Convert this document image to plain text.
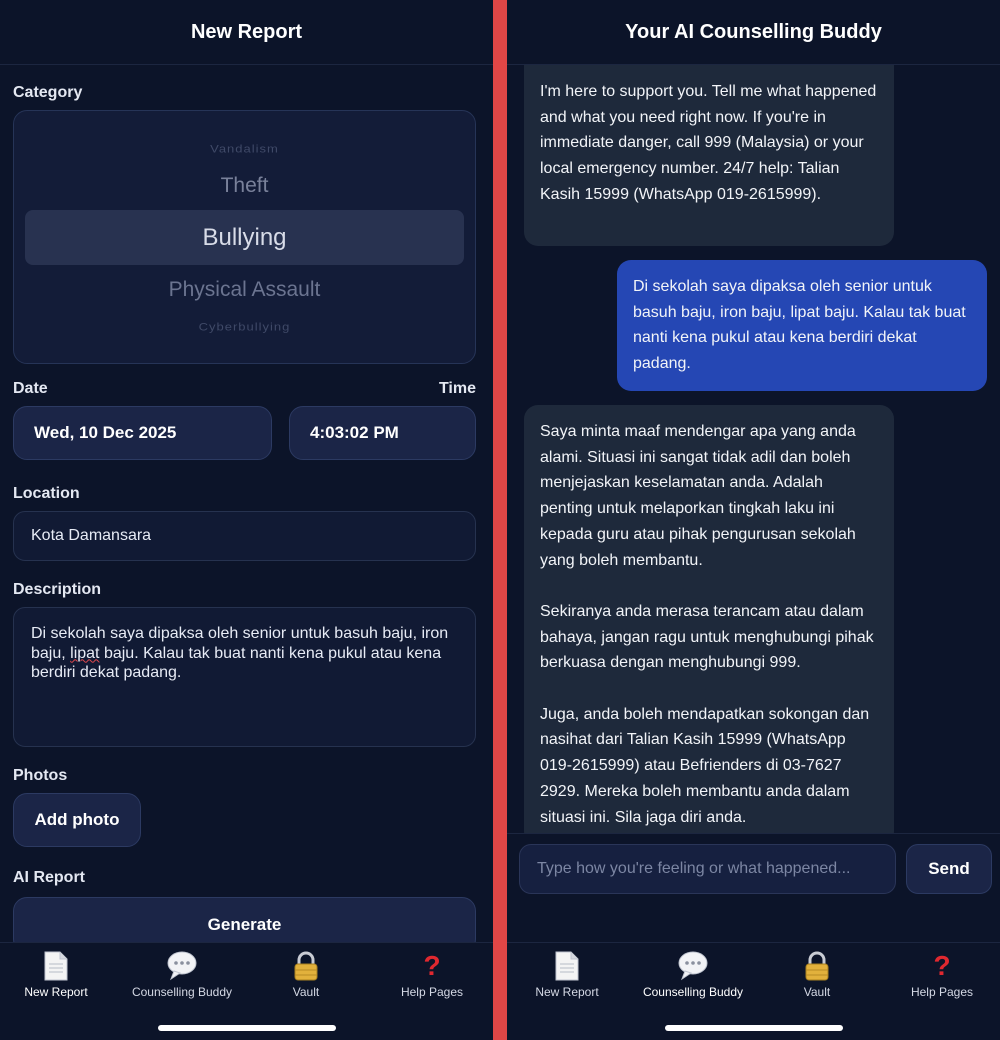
New Report
Category
Vandalism
Theft
Bullying
Physical Assault
Cyberbullying
Date	Time
Wed, 10 Dec 2025	4:03:02 PM
Location
Kota Damansara
Description
Di sekolah saya dipaksa oleh senior untuk basuh baju, iron baju, lipat baju. Kalau tak buat nanti kena pukul atau kena berdiri dekat padang.
Photos
Add photo
AI Report
Generate
New Report	Counselling Buddy	Vault
?
Help Pages
Your AI Counselling Buddy
I'm here to support you. Tell me what happened and what you need right now. If you're in immediate danger, call 999 (Malaysia) or your local emergency number. 24/7 help: Talian Kasih 15999 (WhatsApp 019-2615999).
Di sekolah saya dipaksa oleh senior untuk basuh baju, iron baju, lipat baju. Kalau tak buat nanti kena pukul atau kena berdiri dekat padang.
Saya minta maaf mendengar apa yang anda alami. Situasi ini sangat tidak adil dan boleh menjejaskan keselamatan anda. Adalah penting untuk melaporkan tingkah laku ini kepada guru atau pihak pengurusan sekolah yang boleh membantu.

Sekiranya anda merasa terancam atau dalam bahaya, jangan ragu untuk menghubungi pihak berkuasa dengan menghubungi 999.

Juga, anda boleh mendapatkan sokongan dan nasihat dari Talian Kasih 15999 (WhatsApp 019-2615999) atau Befrienders di 03-7627 2929. Mereka boleh membantu anda dalam situasi ini. Sila jaga diri anda.
Type how you're feeling or what happened...	Send
New Report	Counselling Buddy	Vault
?
Help Pages
